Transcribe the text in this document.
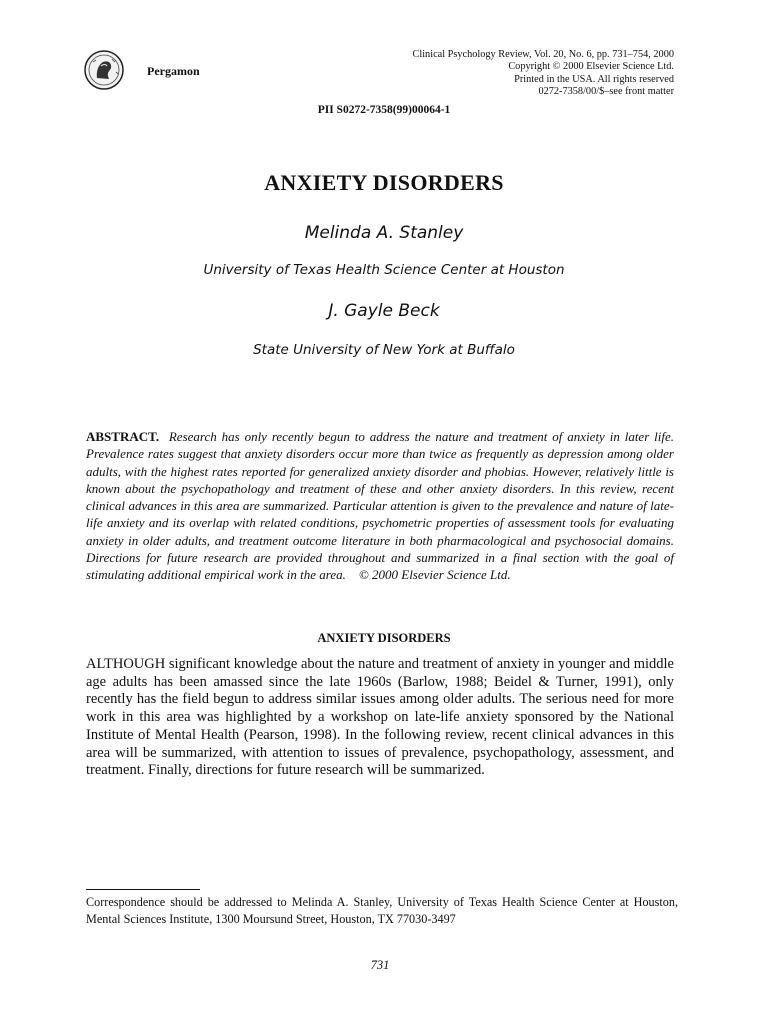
Pergamon
Clinical Psychology Review, Vol. 20, No. 6, pp. 731–754, 2000
Copyright © 2000 Elsevier Science Ltd.
Printed in the USA. All rights reserved
0272-7358/00/$–see front matter
PII S0272-7358(99)00064-1
ANXIETY DISORDERS
Melinda A. Stanley
University of Texas Health Science Center at Houston
J. Gayle Beck
State University of New York at Buffalo
ABSTRACT. Research has only recently begun to address the nature and treatment of anxiety in later life. Prevalence rates suggest that anxiety disorders occur more than twice as frequently as depression among older adults, with the highest rates reported for generalized anxiety disorder and phobias. However, relatively little is known about the psychopathology and treatment of these and other anxiety disorders. In this review, recent clinical advances in this area are summarized. Particular attention is given to the prevalence and nature of late-life anxiety and its overlap with related conditions, psychometric properties of assessment tools for evaluating anxiety in older adults, and treatment outcome literature in both pharmacological and psychosocial domains. Directions for future research are provided throughout and summarized in a final section with the goal of stimulating additional empirical work in the area. © 2000 Elsevier Science Ltd.
ANXIETY DISORDERS
ALTHOUGH significant knowledge about the nature and treatment of anxiety in younger and middle age adults has been amassed since the late 1960s (Barlow, 1988; Beidel & Turner, 1991), only recently has the field begun to address similar issues among older adults. The serious need for more work in this area was highlighted by a workshop on late-life anxiety sponsored by the National Institute of Mental Health (Pearson, 1998). In the following review, recent clinical advances in this area will be summarized, with attention to issues of prevalence, psychopathology, assessment, and treatment. Finally, directions for future research will be summarized.
Correspondence should be addressed to Melinda A. Stanley, University of Texas Health Science Center at Houston, Mental Sciences Institute, 1300 Moursund Street, Houston, TX 77030-3497
731
